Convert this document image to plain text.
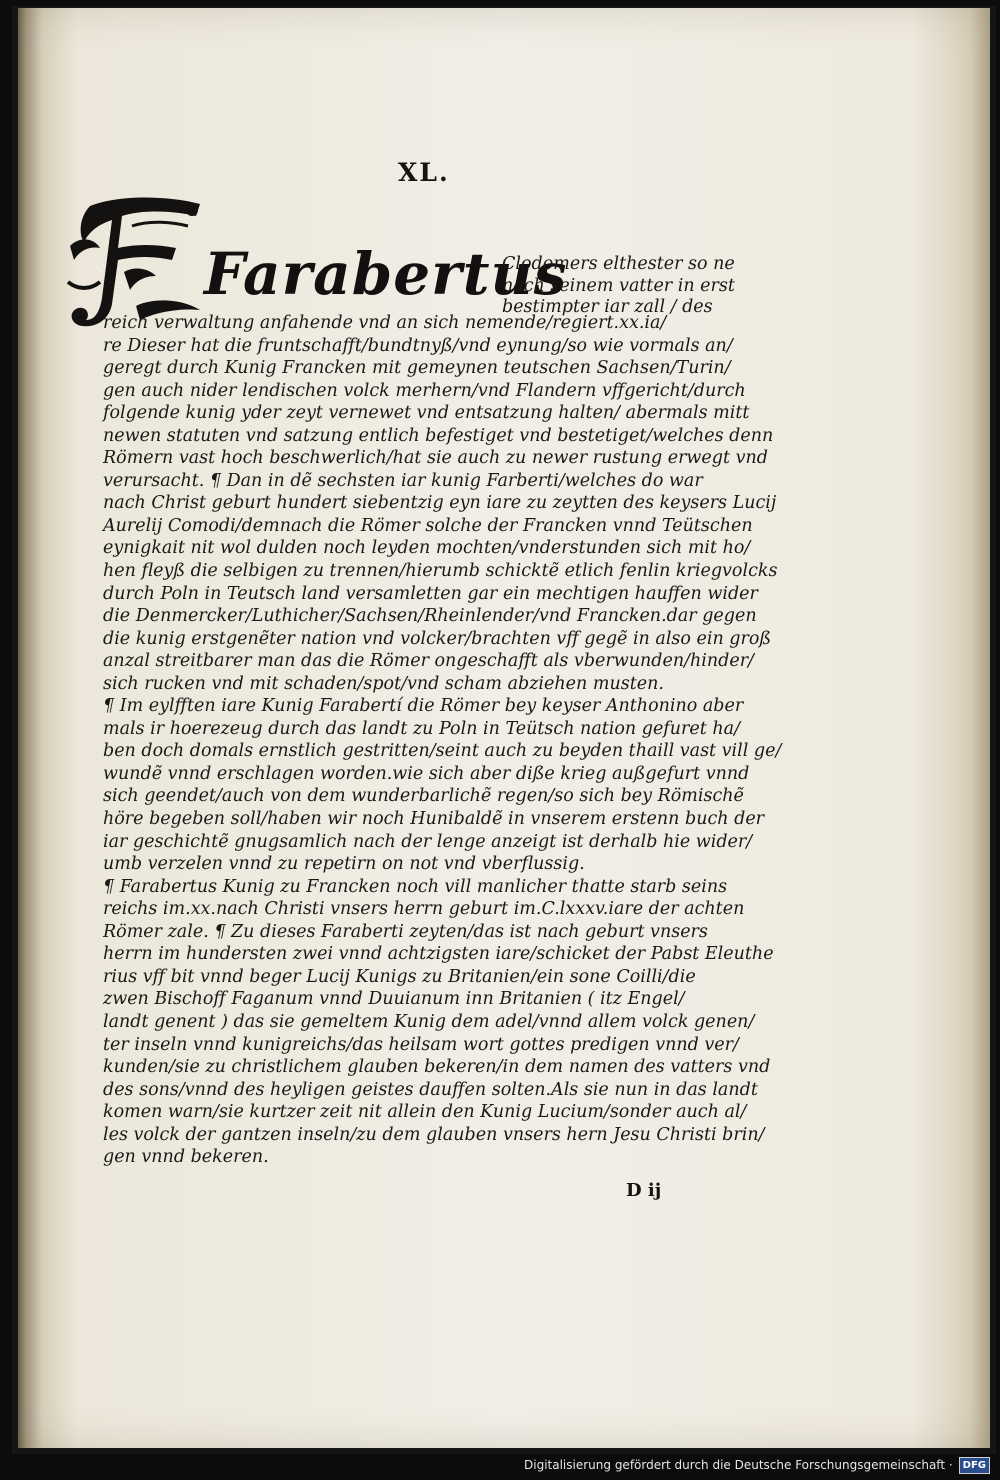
XL.
Farabertus
Clodomers elthester so ne
nach seinem vatter in erst
bestimpter iar zall / des
reich verwaltung anfahende vnd an sich nemende/regiert.xx.ia/
re Dieser hat die fruntschafft/bundtnyß/vnd eynung/so wie vormals an/
geregt durch Kunig Francken mit gemeynen teutschen Sachsen/Turin/
gen auch nider lendischen volck merhern/vnd Flandern vffgericht/durch
folgende kunig yder zeyt vernewet vnd entsatzung halten/ abermals mitt
newen statuten vnd satzung entlich befestiget vnd bestetiget/welches denn
Römern vast hoch beschwerlich/hat sie auch zu newer rustung erwegt vnd
verursacht. ¶ Dan in dẽ sechsten iar kunig Farberti/welches do war
nach Christ geburt hundert siebentzig eyn iare zu zeytten des keysers Lucij
Aurelij Comodi/demnach die Römer solche der Francken vnnd Teütschen
eynigkait nit wol dulden noch leyden mochten/vnderstunden sich mit ho/
hen fleyß die selbigen zu trennen/hierumb schicktẽ etlich fenlin kriegvolcks
durch Poln in Teutsch land versamletten gar ein mechtigen hauffen wider
die Denmercker/Luthicher/Sachsen/Rheinlender/vnd Francken.dar gegen
die kunig erstgenẽter nation vnd volcker/brachten vff gegẽ in also ein groß
anzal streitbarer man das die Römer ongeschafft als vberwunden/hinder/
sich rucken vnd mit schaden/spot/vnd scham abziehen musten.
¶ Im eylfften iare Kunig Farabertí die Römer bey keyser Anthonino aber
mals ir hoerezeug durch das landt zu Poln in Teütsch nation gefuret ha/
ben doch domals ernstlich gestritten/seint auch zu beyden thaill vast vill ge/
wundẽ vnnd erschlagen worden.wie sich aber diße krieg außgefurt vnnd
sich geendet/auch von dem wunderbarlichẽ regen/so sich bey Römischẽ
höre begeben soll/haben wir noch Hunibaldẽ in vnserem erstenn buch der
iar geschichtẽ gnugsamlich nach der lenge anzeigt ist derhalb hie wider/
umb verzelen vnnd zu repetirn on not vnd vberflussig.
¶ Farabertus Kunig zu Francken noch vill manlicher thatte starb seins
reichs im.xx.nach Christi vnsers herrn geburt im.C.lxxxv.iare der achten
Römer zale. ¶ Zu dieses Faraberti zeyten/das ist nach geburt vnsers
herrn im hundersten zwei vnnd achtzigsten iare/schicket der Pabst Eleuthe
rius vff bit vnnd beger Lucij Kunigs zu Britanien/ein sone Coilli/die
zwen Bischoff Faganum vnnd Duuianum inn Britanien ( itz Engel/
landt genent ) das sie gemeltem Kunig dem adel/vnnd allem volck genen/
ter inseln vnnd kunigreichs/das heilsam wort gottes predigen vnnd ver/
kunden/sie zu christlichem glauben bekeren/in dem namen des vatters vnd
des sons/vnnd des heyligen geistes dauffen solten.Als sie nun in das landt
komen warn/sie kurtzer zeit nit allein den Kunig Lucium/sonder auch al/
les volck der gantzen inseln/zu dem glauben vnsers hern Jesu Christi brin/
gen vnnd bekeren.
D ij
Digitalisierung gefördert durch die Deutsche Forschungsgemeinschaft ·	DFG
